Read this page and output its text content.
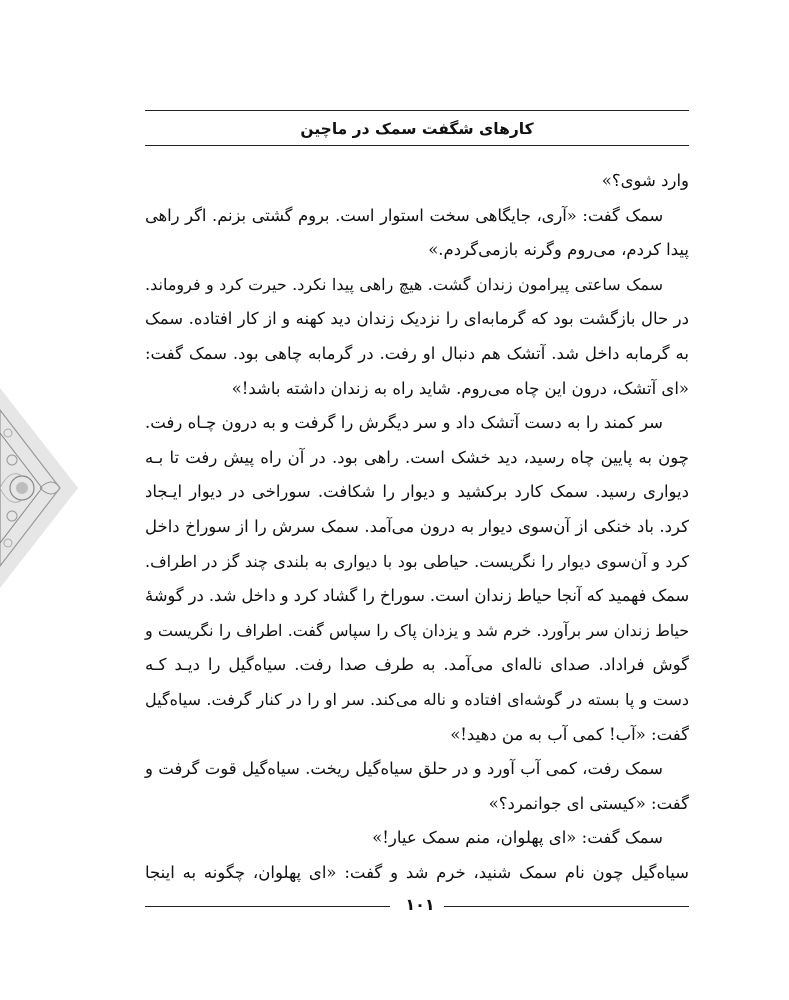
کارهای شگفت سمک در ماچین
وارد شوی؟»
سمک گفت: «آری، جایگاهی سخت استوار است. بروم گشتی بزنم. اگر راهی
پیدا کردم، می‌روم وگرنه بازمی‌گردم.»
سمک ساعتی پیرامون زندان گشت. هیچ راهی پیدا نکرد. حیرت کرد و فروماند.
در حال بازگشت بود که گرمابه‌ای را نزدیک زندان دید کهنه و از کار افتاده. سمک
به گرمابه داخل شد. آتشک هم دنبال او رفت. در گرمابه چاهی بود. سمک گفت:
«ای آتشک، درون این چاه می‌روم. شاید راه به زندان داشته باشد!»
سر کمند را به دست آتشک داد و سر دیگرش را گرفت و به درون چـاه رفت.
چون به پایین چاه رسید، دید خشک است. راهی بود. در آن راه پیش رفت تا بـه
دیواری رسید. سمک کارد برکشید و دیوار را شکافت. سوراخی در دیوار ایـجاد
کرد. باد خنکی از آن‌سوی دیوار به درون می‌آمد. سمک سرش را از سوراخ داخل
کرد و آن‌سوی دیوار را نگریست. حیاطی بود با دیواری به بلندی چند گز در اطراف.
سمک فهمید که آنجا حیاط زندان است. سوراخ را گشاد کرد و داخل شد. در گوشهٔ
حیاط زندان سر برآورد. خرم شد و یزدان پاک را سپاس گفت. اطراف را نگریست و
گوش فراداد. صدای ناله‌ای می‌آمد. به طرف صدا رفت. سیاه‌گیل را دیـد کـه
دست و پا بسته در گوشه‌ای افتاده و ناله می‌کند. سر او را در کنار گرفت. سیاه‌گیل
گفت: «آب! کمی آب به من دهید!»
سمک رفت، کمی آب آورد و در حلق سیاه‌گیل ریخت. سیاه‌گیل قوت گرفت و
گفت: «کیستی ای جوانمرد؟»
سمک گفت: «ای پهلوان، منم سمک عیار!»
سیاه‌گیل چون نام سمک شنید، خرم شد و گفت: «ای پهلوان، چگونه به اینجا
۱۰۱
